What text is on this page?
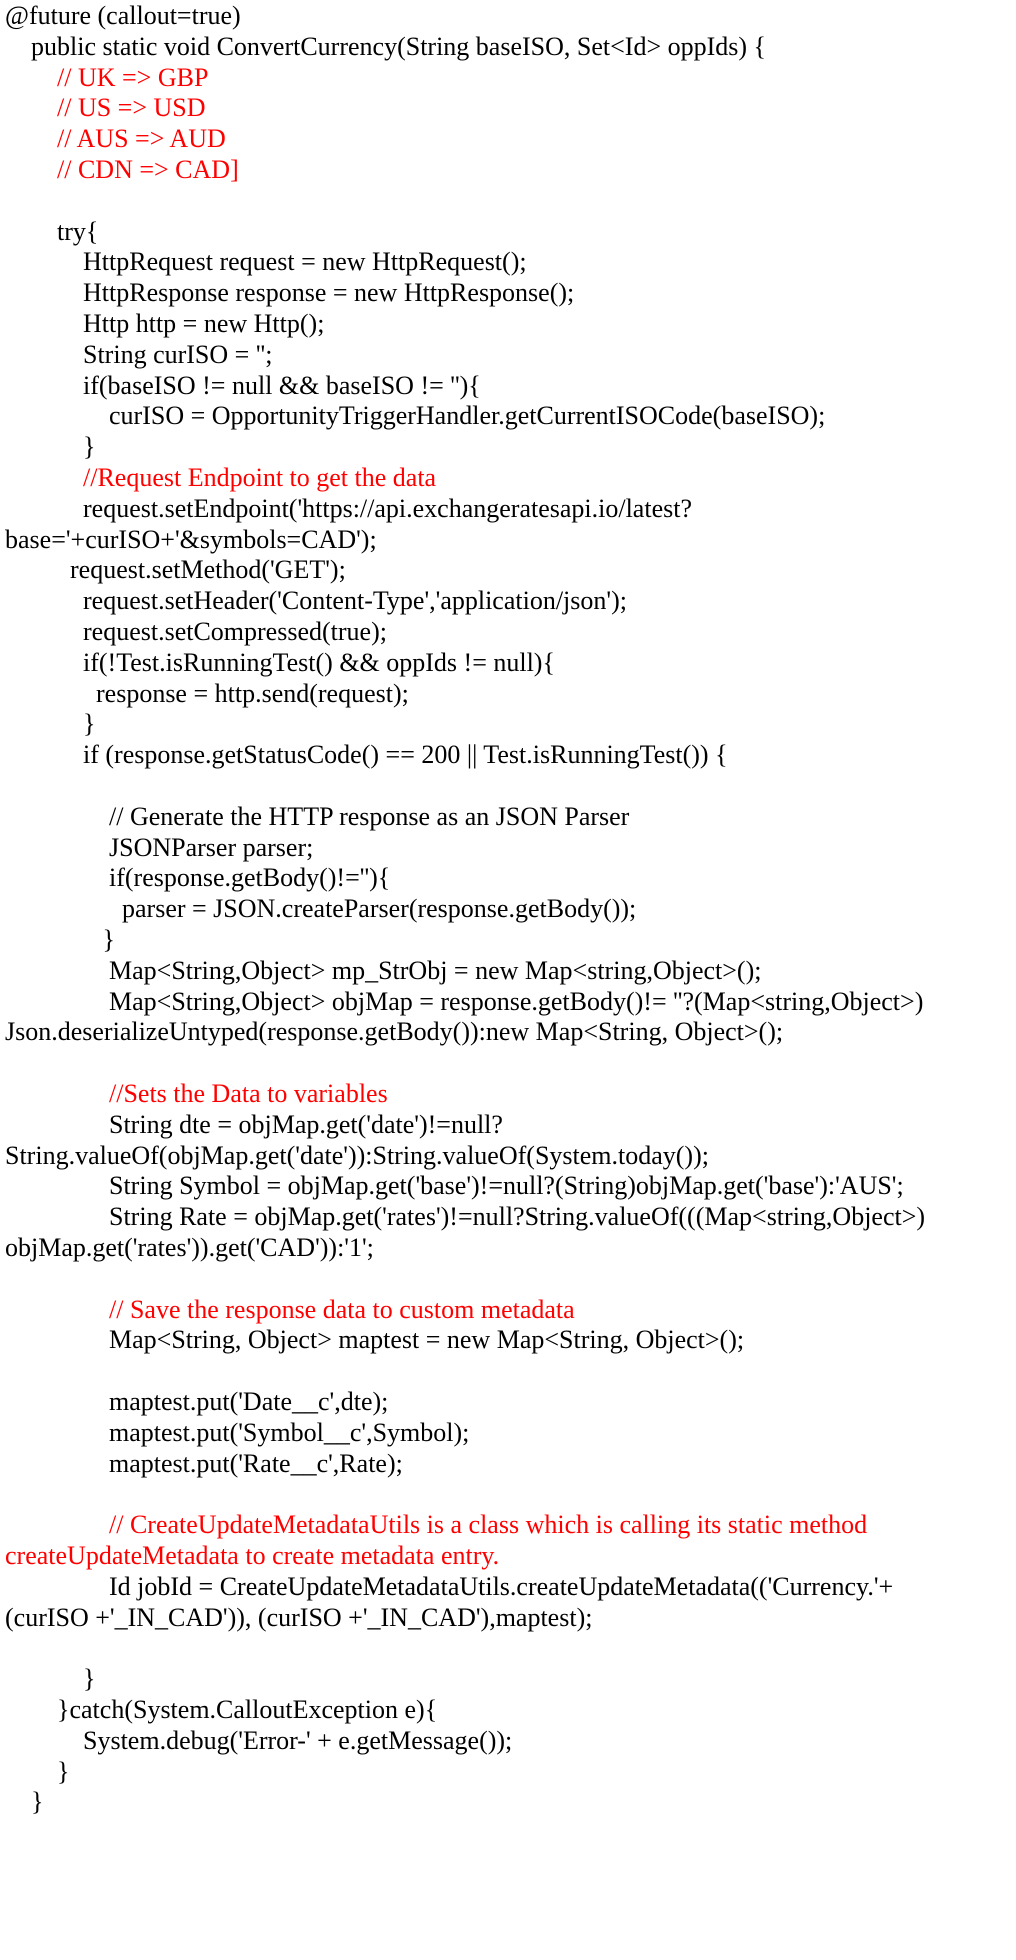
@future (callout=true)
public static void ConvertCurrency(String baseISO, Set<Id> oppIds) {
// UK => GBP
// US => USD
// AUS => AUD
// CDN => CAD]
try{
HttpRequest request = new HttpRequest();
HttpResponse response = new HttpResponse();
Http http = new Http();
String curISO = '';
if(baseISO != null && baseISO != ''){
curISO = OpportunityTriggerHandler.getCurrentISOCode(baseISO);
}
//Request Endpoint to get the data
request.setEndpoint('https://api.exchangeratesapi.io/latest?
base='+curISO+'&symbols=CAD');
request.setMethod('GET');
request.setHeader('Content-Type','application/json');
request.setCompressed(true);
if(!Test.isRunningTest() && oppIds != null){
response = http.send(request);
}
if (response.getStatusCode() == 200 || Test.isRunningTest()) {
// Generate the HTTP response as an JSON Parser
JSONParser parser;
if(response.getBody()!=''){
parser = JSON.createParser(response.getBody());
}
Map<String,Object> mp_StrObj = new Map<string,Object>();
Map<String,Object> objMap = response.getBody()!= ''?(Map<string,Object>)
Json.deserializeUntyped(response.getBody()):new Map<String, Object>();
//Sets the Data to variables
String dte = objMap.get('date')!=null?
String.valueOf(objMap.get('date')):String.valueOf(System.today());
String Symbol = objMap.get('base')!=null?(String)objMap.get('base'):'AUS';
String Rate = objMap.get('rates')!=null?String.valueOf(((Map<string,Object>)
objMap.get('rates')).get('CAD')):'1';
// Save the response data to custom metadata
Map<String, Object> maptest = new Map<String, Object>();
maptest.put('Date__c',dte);
maptest.put('Symbol__c',Symbol);
maptest.put('Rate__c',Rate);
// CreateUpdateMetadataUtils is a class which is calling its static method
createUpdateMetadata to create metadata entry.
Id jobId = CreateUpdateMetadataUtils.createUpdateMetadata(('Currency.'+
(curISO +'_IN_CAD')), (curISO +'_IN_CAD'),maptest);
}
}catch(System.CalloutException e){
System.debug('Error-' + e.getMessage());
}
}
